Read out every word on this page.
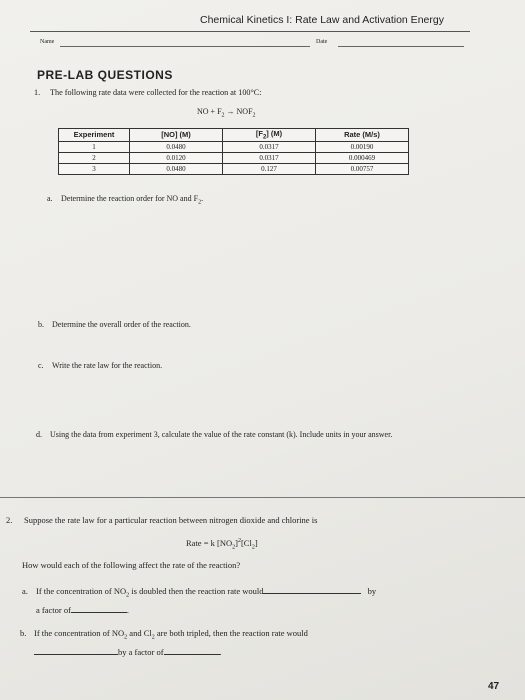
Chemical Kinetics I: Rate Law and Activation Energy
Name	Date
PRE-LAB QUESTIONS
1. The following rate data were collected for the reaction at 100°C:
NO + $F_2 \to NOF_2$
Experiment	[NO] (M)	$[F_2]$ (M)	Rate (M/s)
1	0.0480	0.0317	0.00190
2	0.0120	0.0317	0.000469
3	0.0480	0.127	0.00757
a. Determine the reaction order for NO and $F_2$.
b. Determine the overall order of the reaction.
c. Write the rate law for the reaction.
d. Using the data from experiment 3, calculate the value of the rate constant (k). Include units in your answer.
2. Suppose the rate law for a particular reaction between nitrogen dioxide and chlorine is
Rate = k $[NO_2]^2[Cl_2]$
How would each of the following affect the rate of the reaction?
a. If the concentration of $NO_2$ is doubled then the reaction rate would	by
a factor of	.
b. If the concentration of $NO_2$ and $Cl_2$ are both tripled, then the reaction rate would
by a factor of	.
47
